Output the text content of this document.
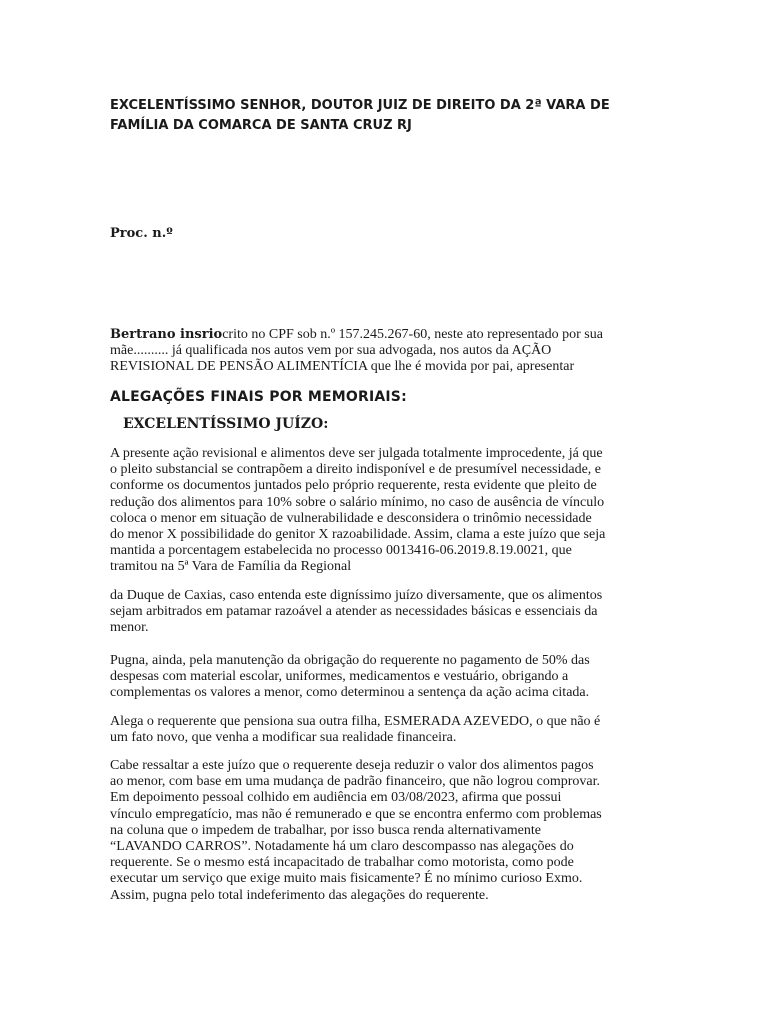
EXCELENTÍSSIMO SENHOR, DOUTOR JUIZ DE DIREITO DA 2ª VARA DE
FAMÍLIA DA COMARCA DE SANTA CRUZ RJ
Proc. n.º
Bertrano insriocrito no CPF sob n.º 157.245.267-60, neste ato representado por sua
mãe.......... já qualificada nos autos vem por sua advogada, nos autos da AÇÃO
REVISIONAL DE PENSÃO ALIMENTÍCIA que lhe é movida por pai, apresentar
ALEGAÇÕES FINAIS POR MEMORIAIS:
EXCELENTÍSSIMO JUÍZO:
A presente ação revisional e alimentos deve ser julgada totalmente improcedente, já que
o pleito substancial se contrapõem a direito indisponível e de presumível necessidade, e
conforme os documentos juntados pelo próprio requerente, resta evidente que pleito de
redução dos alimentos para 10% sobre o salário mínimo, no caso de ausência de vínculo
coloca o menor em situação de vulnerabilidade e desconsidera o trinômio necessidade
do menor X possibilidade do genitor X razoabilidade. Assim, clama a este juízo que seja
mantida a porcentagem estabelecida no processo 0013416-06.2019.8.19.0021, que
tramitou na 5ª Vara de Família da Regional
da Duque de Caxias, caso entenda este digníssimo juízo diversamente, que os alimentos
sejam arbitrados em patamar razoável a atender as necessidades básicas e essenciais da
menor.
Pugna, ainda, pela manutenção da obrigação do requerente no pagamento de 50% das
despesas com material escolar, uniformes, medicamentos e vestuário, obrigando a
complementas os valores a menor, como determinou a sentença da ação acima citada.
Alega o requerente que pensiona sua outra filha, ESMERADA AZEVEDO, o que não é
um fato novo, que venha a modificar sua realidade financeira.
Cabe ressaltar a este juízo que o requerente deseja reduzir o valor dos alimentos pagos
ao menor, com base em uma mudança de padrão financeiro, que não logrou comprovar.
Em depoimento pessoal colhido em audiência em 03/08/2023, afirma que possui
vínculo empregatício, mas não é remunerado e que se encontra enfermo com problemas
na coluna que o impedem de trabalhar, por isso busca renda alternativamente
“LAVANDO CARROS”. Notadamente há um claro descompasso nas alegações do
requerente. Se o mesmo está incapacitado de trabalhar como motorista, como pode
executar um serviço que exige muito mais fisicamente? É no mínimo curioso Exmo.
Assim, pugna pelo total indeferimento das alegações do requerente.
